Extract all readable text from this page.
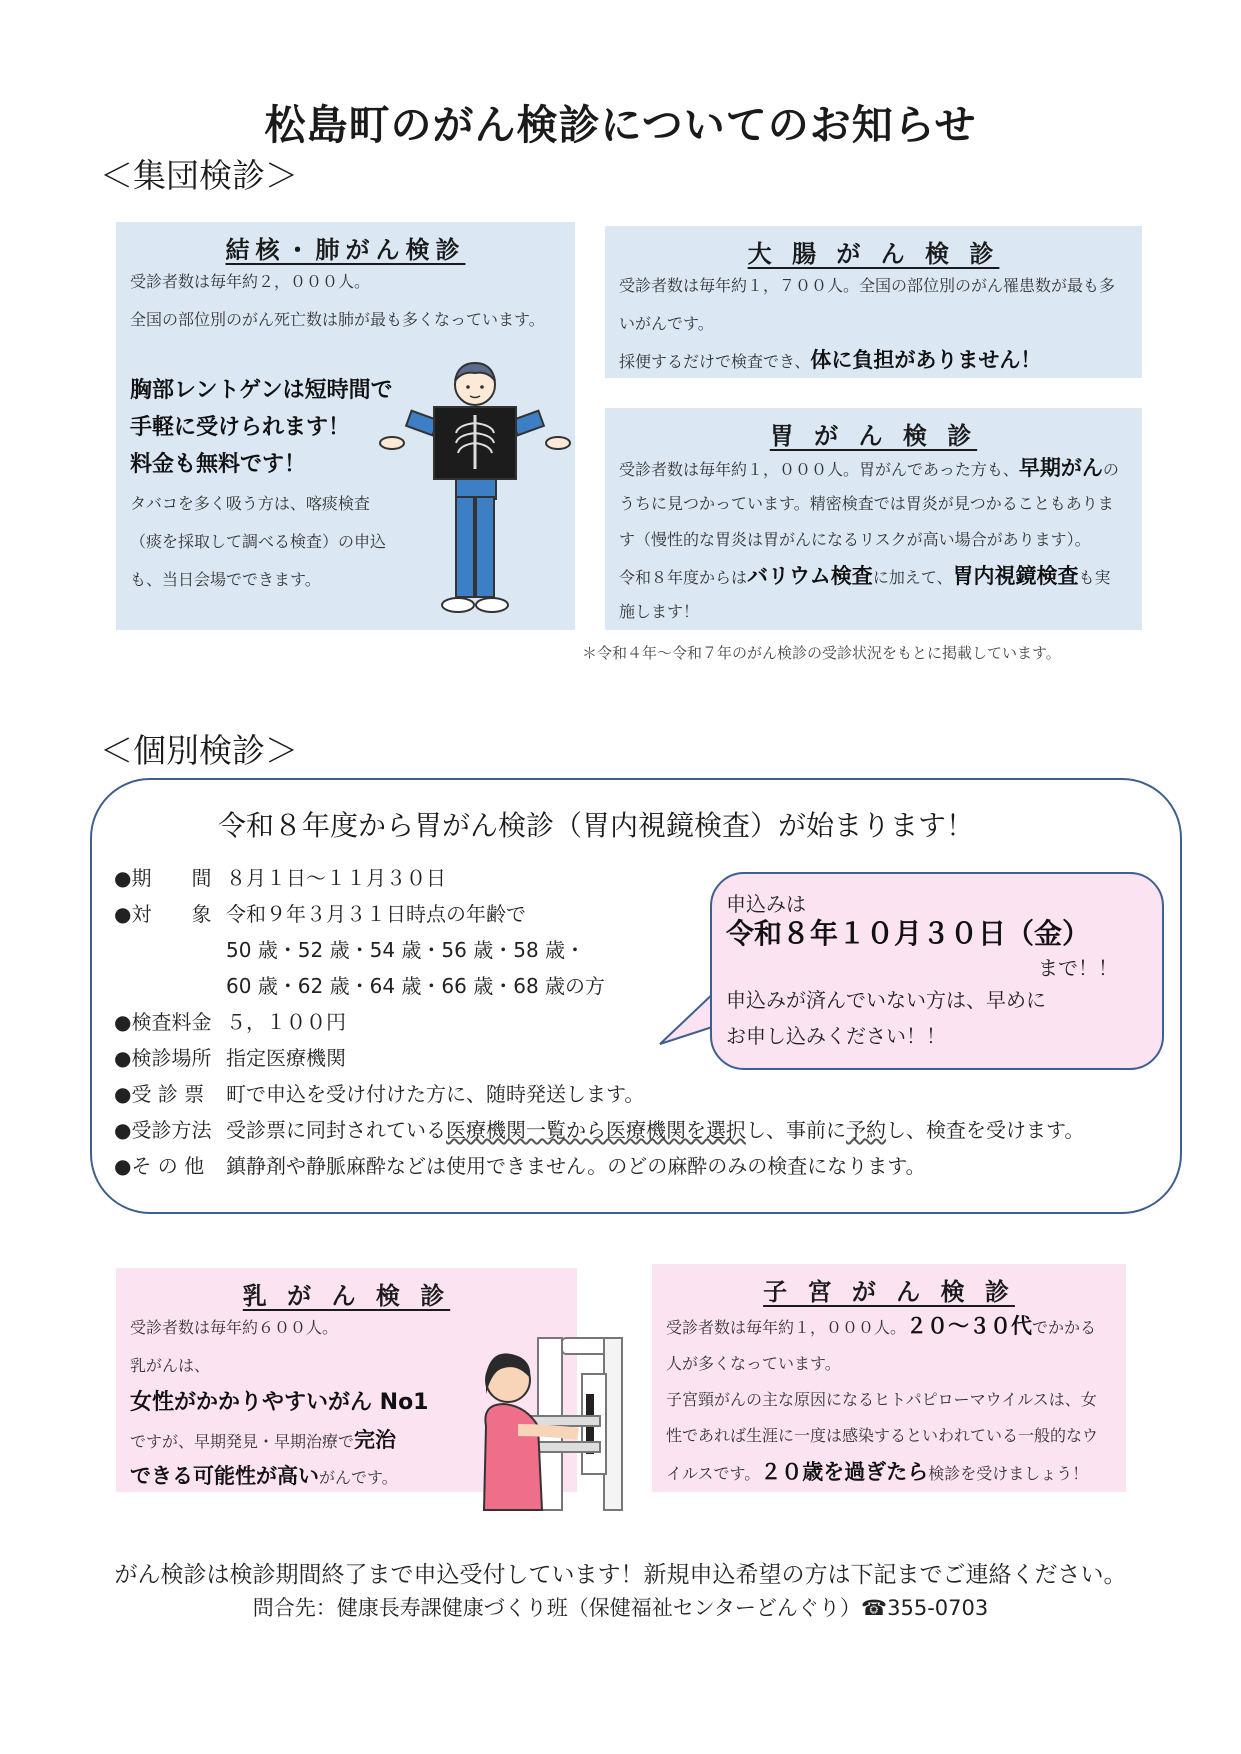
松島町のがん検診についてのお知らせ
＜集団検診＞
結核・肺がん検診
受診者数は毎年約２，０００人。
全国の部位別のがん死亡数は肺が最も多くなっています。
胸部レントゲンは短時間で
手軽に受けられます！
料金も無料です！
タバコを多く吸う方は、喀痰検査
（痰を採取して調べる検査）の申込
も、当日会場でできます。
大 腸 が ん 検 診
受診者数は毎年約１，７００人。全国の部位別のがん罹患数が最も多
いがんです。
採便するだけで検査でき、体に負担がありません！
胃 が ん 検 診
受診者数は毎年約１，０００人。胃がんであった方も、早期がんの
うちに見つかっています。精密検査では胃炎が見つかることもありま
す（慢性的な胃炎は胃がんになるリスクが高い場合があります）。
令和８年度からはバリウム検査に加えて、胃内視鏡検査も実
施します！
＊令和４年～令和７年のがん検診の受診状況をもとに掲載しています。
＜個別検診＞
令和８年度から胃がん検診（胃内視鏡検査）が始まります！
●期　　間 ８月１日～１１月３０日
●対　　象 令和９年３月３１日時点の年齢で
50 歳・52 歳・54 歳・56 歳・58 歳・
60 歳・62 歳・64 歳・66 歳・68 歳の方
●検査料金 ５，１００円
●検診場所 指定医療機関
●受 診 票 町で申込を受け付けた方に、随時発送します。
●受診方法 受診票に同封されている医療機関一覧から医療機関を選択し、事前に予約し、検査を受けます。
●そ の 他 鎮静剤や静脈麻酔などは使用できません。のどの麻酔のみの検査になります。
申込みは
令和８年１０月３０日（金）
まで！！
申込みが済んでいない方は、早めに
お申し込みください！！
乳 が ん 検 診
受診者数は毎年約６００人。
乳がんは、
女性がかかりやすいがん No1
ですが、早期発見・早期治療で完治
できる可能性が高いがんです。
子 宮 が ん 検 診
受診者数は毎年約１，０００人。２０～３０代でかかる
人が多くなっています。
子宮頸がんの主な原因になるヒトパピローマウイルスは、女
性であれば生涯に一度は感染するといわれている一般的なウ
イルスです。２０歳を過ぎたら検診を受けましょう！
がん検診は検診期間終了まで申込受付しています！新規申込希望の方は下記までご連絡ください。
問合先：健康長寿課健康づくり班（保健福祉センターどんぐり）☎355-0703
